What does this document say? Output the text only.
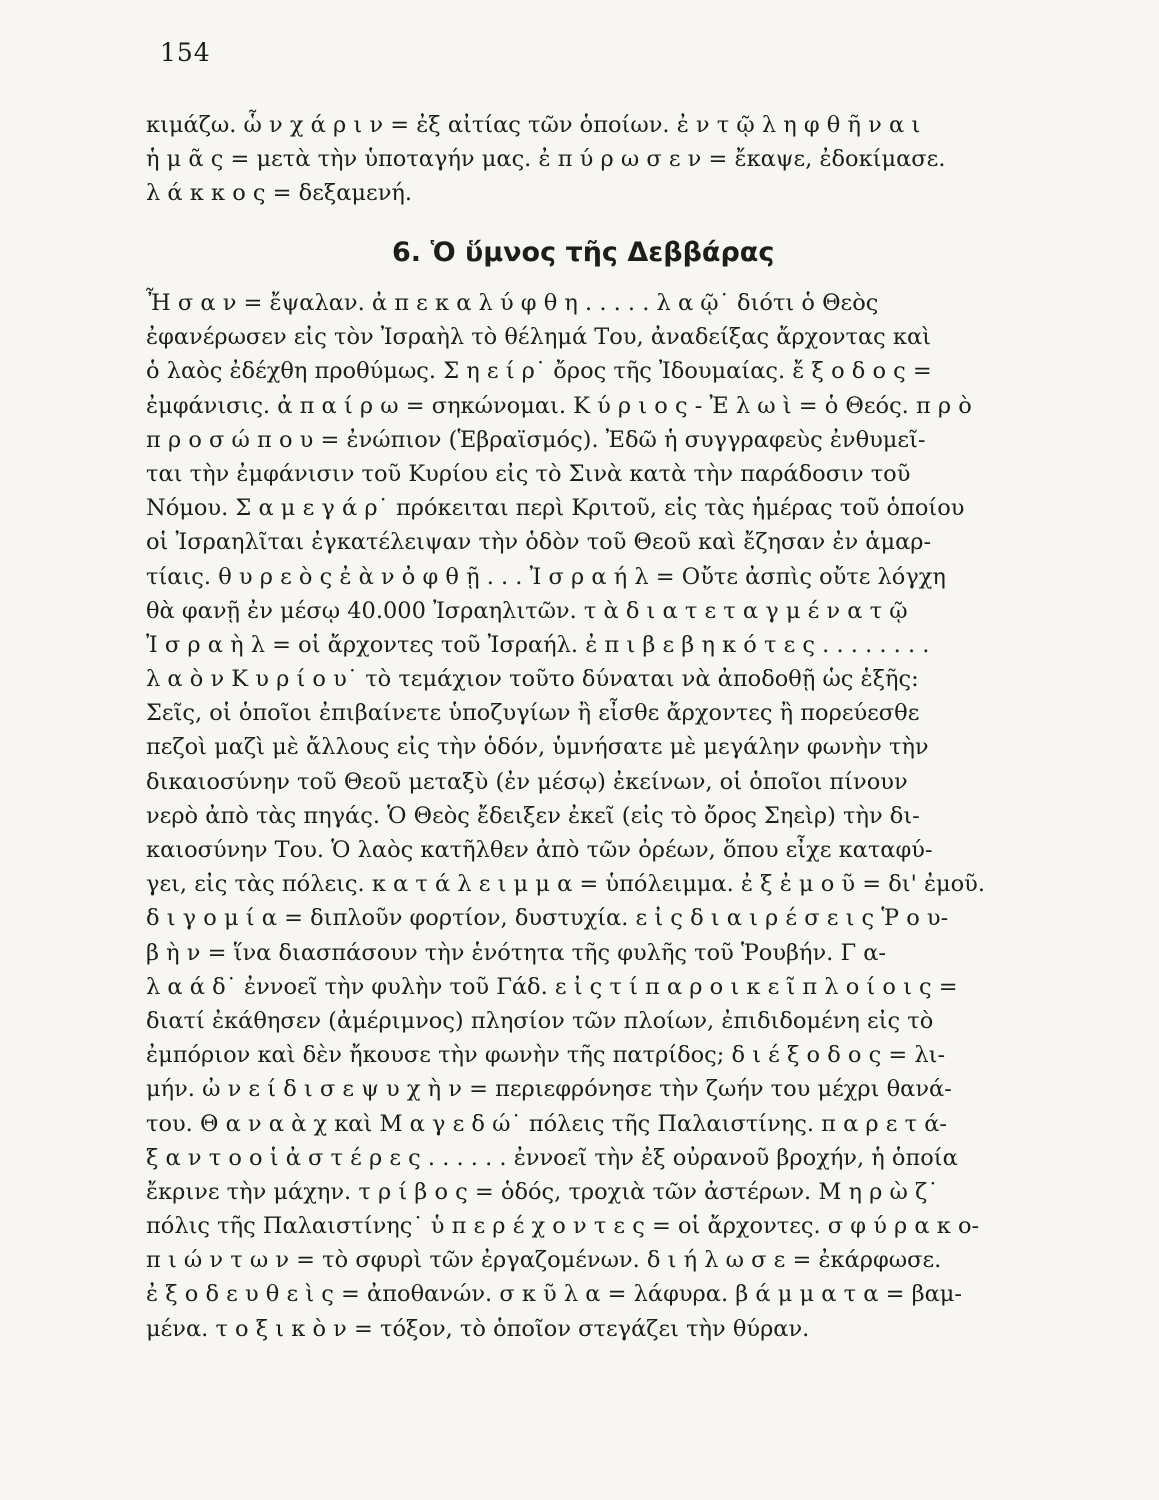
154
κιμάζω. ὧ ν χ ά ρ ι ν = ἐξ αἰτίας τῶν ὁποίων. ἐ ν τ ῷ λ η φ θ ῆ ν α ι
ἡ μ ᾶ ς = μετὰ τὴν ὑποταγήν μας. ἐ π ύ ρ ω σ ε ν = ἔκαψε, ἐδοκίμασε.
λ ά κ κ ο ς = δεξαμενή.
6. Ὁ ὕμνος τῆς Δεββάρας
Ἦ σ α ν = ἔψαλαν. ἀ π ε κ α λ ύ φ θ η . . . . . λ α ῷ˙ διότι ὁ Θεὸς
ἐφανέρωσεν εἰς τὸν Ἰσραὴλ τὸ θέλημά Του, ἀναδείξας ἄρχοντας καὶ
ὁ λαὸς ἐδέχθη προθύμως. Σ η ε ί ρ˙ ὄρος τῆς Ἰδουμαίας. ἔ ξ ο δ ο ς =
ἐμφάνισις. ἀ π α ί ρ ω = σηκώνομαι. Κ ύ ρ ι ο ς - Ἐ λ ω ὶ = ὁ Θεός. π ρ ὸ
π ρ ο σ ώ π ο υ = ἐνώπιον (Ἑβραϊσμός). Ἐδῶ ἡ συγγραφεὺς ἐνθυμεῖ-
ται τὴν ἐμφάνισιν τοῦ Κυρίου εἰς τὸ Σινὰ κατὰ τὴν παράδοσιν τοῦ
Νόμου. Σ α μ ε γ ά ρ˙ πρόκειται περὶ Κριτοῦ, εἰς τὰς ἡμέρας τοῦ ὁποίου
οἱ Ἰσραηλῖται ἐγκατέλειψαν τὴν ὁδὸν τοῦ Θεοῦ καὶ ἔζησαν ἐν ἁμαρ-
τίαις. θ υ ρ ε ὸ ς ἐ ὰ ν ὀ φ θ ῇ . . . Ἰ σ ρ α ή λ = Οὔτε ἀσπὶς οὔτε λόγχη
θὰ φανῇ ἐν μέσῳ 40.000 Ἰσραηλιτῶν. τ ὰ δ ι α τ ε τ α γ μ έ ν α τ ῷ
Ἰ σ ρ α ὴ λ = οἱ ἄρχοντες τοῦ Ἰσραήλ. ἐ π ι β ε β η κ ό τ ε ς . . . . . . . .
λ α ὸ ν Κ υ ρ ί ο υ˙ τὸ τεμάχιον τοῦτο δύναται νὰ ἀποδοθῇ ὡς ἑξῆς:
Σεῖς, οἱ ὁποῖοι ἐπιβαίνετε ὑποζυγίων ἢ εἶσθε ἄρχοντες ἢ πορεύεσθε
πεζοὶ μαζὶ μὲ ἄλλους εἰς τὴν ὁδόν, ὑμνήσατε μὲ μεγάλην φωνὴν τὴν
δικαιοσύνην τοῦ Θεοῦ μεταξὺ (ἐν μέσῳ) ἐκείνων, οἱ ὁποῖοι πίνουν
νερὸ ἀπὸ τὰς πηγάς. Ὁ Θεὸς ἔδειξεν ἐκεῖ (εἰς τὸ ὄρος Σηεὶρ) τὴν δι-
καιοσύνην Του. Ὁ λαὸς κατῆλθεν ἀπὸ τῶν ὀρέων, ὅπου εἶχε καταφύ-
γει, εἰς τὰς πόλεις. κ α τ ά λ ε ι μ μ α = ὑπόλειμμα. ἐ ξ ἐ μ ο ῦ = δι' ἐμοῦ.
δ ι γ ο μ ί α = διπλοῦν φορτίον, δυστυχία. ε ἰ ς δ ι α ι ρ έ σ ε ι ς Ῥ ο υ-
β ὴ ν = ἵνα διασπάσουν τὴν ἑνότητα τῆς φυλῆς τοῦ Ῥουβήν. Γ α-
λ α ά δ˙ ἐννοεῖ τὴν φυλὴν τοῦ Γάδ. ε ἰ ς τ ί π α ρ ο ι κ ε ῖ π λ ο ί ο ι ς =
διατί ἐκάθησεν (ἀμέριμνος) πλησίον τῶν πλοίων, ἐπιδιδομένη εἰς τὸ
ἐμπόριον καὶ δὲν ἤκουσε τὴν φωνὴν τῆς πατρίδος; δ ι έ ξ ο δ ο ς = λι-
μήν. ὠ ν ε ί δ ι σ ε ψ υ χ ὴ ν = περιεφρόνησε τὴν ζωήν του μέχρι θανά-
του. Θ α ν α ὰ χ καὶ Μ α γ ε δ ώ˙ πόλεις τῆς Παλαιστίνης. π α ρ ε τ ά-
ξ α ν τ ο ο ἱ ἀ σ τ έ ρ ε ς . . . . . . ἐννοεῖ τὴν ἐξ οὐρανοῦ βροχήν, ἡ ὁποία
ἔκρινε τὴν μάχην. τ ρ ί β ο ς = ὁδός, τροχιὰ τῶν ἀστέρων. Μ η ρ ὼ ζ˙
πόλις τῆς Παλαιστίνης˙ ὑ π ε ρ έ χ ο ν τ ε ς = οἱ ἄρχοντες. σ φ ύ ρ α κ ο-
π ι ώ ν τ ω ν = τὸ σφυρὶ τῶν ἐργαζομένων. δ ι ή λ ω σ ε = ἐκάρφωσε.
ἐ ξ ο δ ε υ θ ε ὶ ς = ἀποθανών. σ κ ῦ λ α = λάφυρα. β ά μ μ α τ α = βαμ-
μένα. τ ο ξ ι κ ὸ ν = τόξον, τὸ ὁποῖον στεγάζει τὴν θύραν.
